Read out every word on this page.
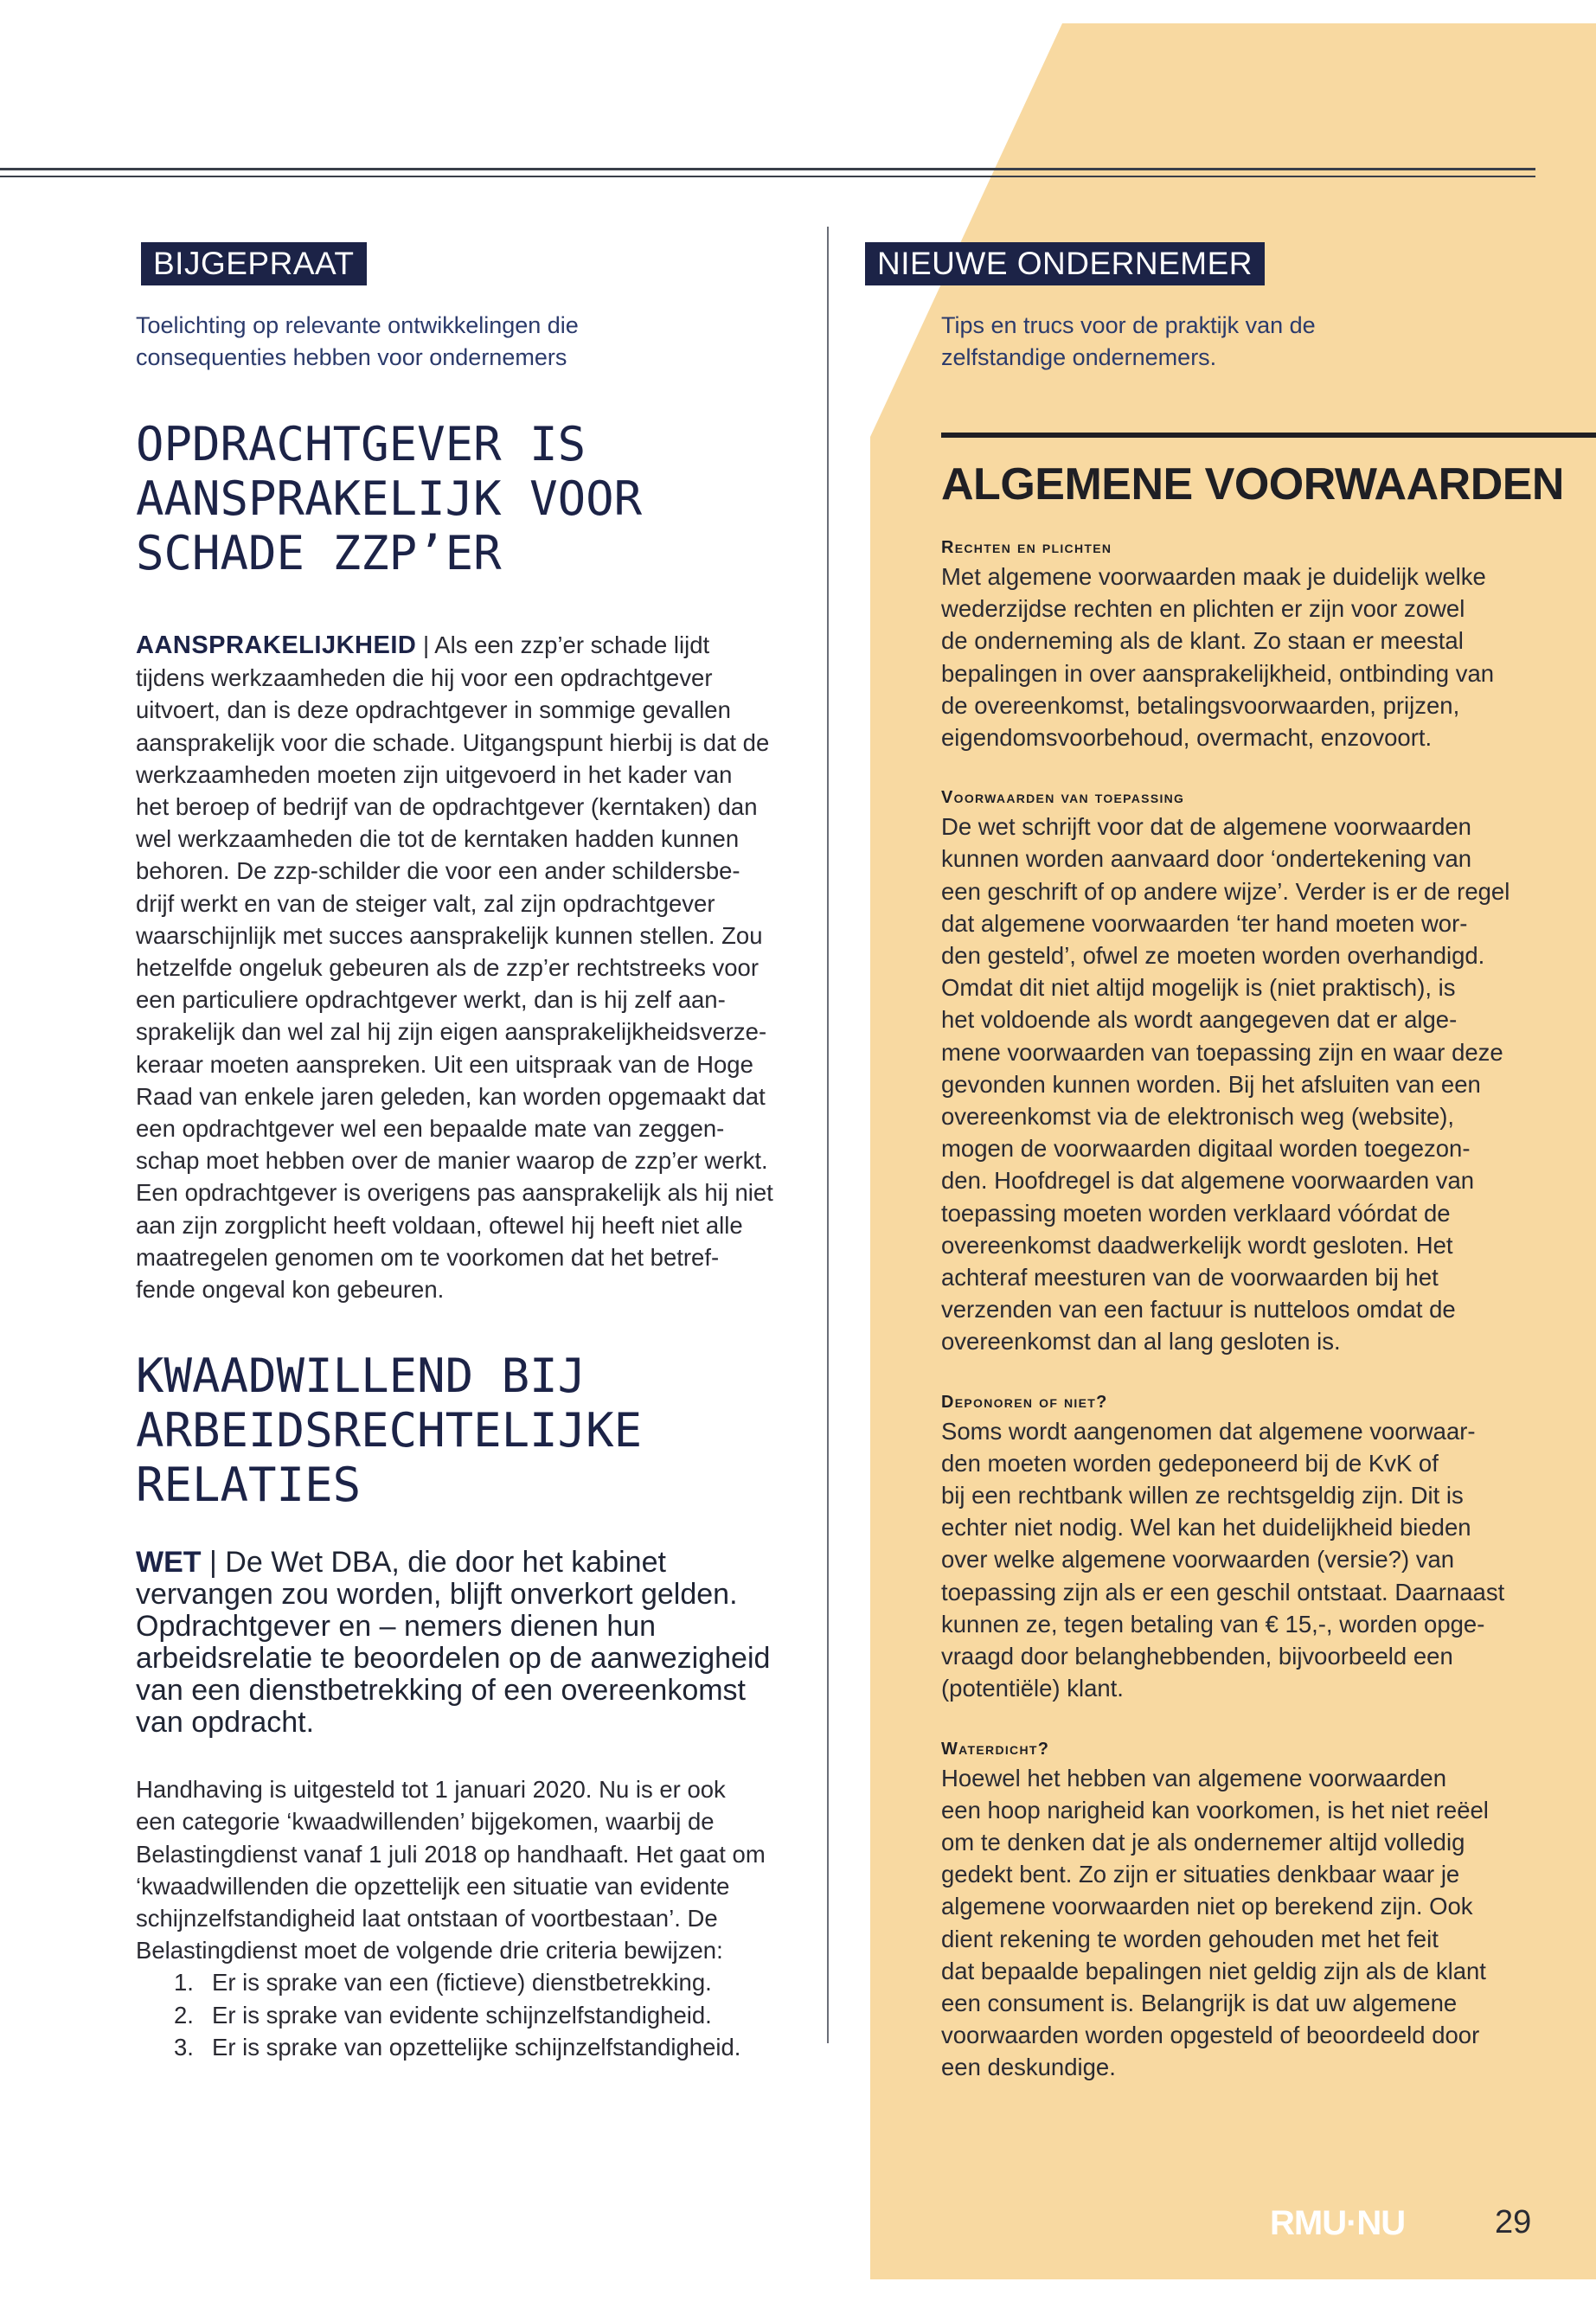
BIJGEPRAAT
Toelichting op relevante ontwikkelingen die
consequenties hebben voor ondernemers
OPDRACHTGEVER IS
AANSPRAKELIJK VOOR
SCHADE ZZP’ER
AANSPRAKELIJKHEID | Als een zzp’er schade lijdt
tijdens werkzaamheden die hij voor een opdrachtgever
uitvoert, dan is deze opdrachtgever in sommige gevallen
aansprakelijk voor die schade. Uitgangspunt hierbij is dat de
werkzaamheden moeten zijn uitgevoerd in het kader van
het beroep of bedrijf van de opdrachtgever (kerntaken) dan
wel werkzaamheden die tot de kerntaken hadden kunnen
behoren. De zzp-schilder die voor een ander schildersbe-
drijf werkt en van de steiger valt, zal zijn opdrachtgever
waarschijnlijk met succes aansprakelijk kunnen stellen. Zou
hetzelfde ongeluk gebeuren als de zzp’er rechtstreeks voor
een particuliere opdrachtgever werkt, dan is hij zelf aan-
sprakelijk dan wel zal hij zijn eigen aansprakelijkheidsverze-
keraar moeten aanspreken. Uit een uitspraak van de Hoge
Raad van enkele jaren geleden, kan worden opgemaakt dat
een opdrachtgever wel een bepaalde mate van zeggen-
schap moet hebben over de manier waarop de zzp’er werkt.
Een opdrachtgever is overigens pas aansprakelijk als hij niet
aan zijn zorgplicht heeft voldaan, oftewel hij heeft niet alle
maatregelen genomen om te voorkomen dat het betref-
fende ongeval kon gebeuren.
KWAADWILLEND BIJ
ARBEIDSRECHTELIJKE
RELATIES
WET | De Wet DBA, die door het kabinet
vervangen zou worden, blijft onverkort gelden.
Opdrachtgever en – nemers dienen hun
arbeidsrelatie te beoordelen op de aanwezigheid
van een dienstbetrekking of een overeenkomst
van opdracht.
Handhaving is uitgesteld tot 1 januari 2020. Nu is er ook
een categorie ‘kwaadwillenden’ bijgekomen, waarbij de
Belastingdienst vanaf 1 juli 2018 op handhaaft. Het gaat om
‘kwaadwillenden die opzettelijk een situatie van evidente
schijnzelfstandigheid laat ontstaan of voortbestaan’. De
Belastingdienst moet de volgende drie criteria bewijzen:
1. Er is sprake van een (fictieve) dienstbetrekking.
2. Er is sprake van evidente schijnzelfstandigheid.
3. Er is sprake van opzettelijke schijnzelfstandigheid.
NIEUWE ONDERNEMER
Tips en trucs voor de praktijk van de
zelfstandige ondernemers.
ALGEMENE VOORWAARDEN
Rechten en plichten
Met algemene voorwaarden maak je duidelijk welke
wederzijdse rechten en plichten er zijn voor zowel
de onderneming als de klant. Zo staan er meestal
bepalingen in over aansprakelijkheid, ontbinding van
de overeenkomst, betalingsvoorwaarden, prijzen,
eigendomsvoorbehoud, overmacht, enzovoort.
Voorwaarden van toepassing
De wet schrijft voor dat de algemene voorwaarden
kunnen worden aanvaard door ‘ondertekening van
een geschrift of op andere wijze’. Verder is er de regel
dat algemene voorwaarden ‘ter hand moeten wor-
den gesteld’, ofwel ze moeten worden overhandigd.
Omdat dit niet altijd mogelijk is (niet praktisch), is
het voldoende als wordt aangegeven dat er alge-
mene voorwaarden van toepassing zijn en waar deze
gevonden kunnen worden. Bij het afsluiten van een
overeenkomst via de elektronisch weg (website),
mogen de voorwaarden digitaal worden toegezon-
den. Hoofdregel is dat algemene voorwaarden van
toepassing moeten worden verklaard vóórdat de
overeenkomst daadwerkelijk wordt gesloten. Het
achteraf meesturen van de voorwaarden bij het
verzenden van een factuur is nutteloos omdat de
overeenkomst dan al lang gesloten is.
Deponoren of niet?
Soms wordt aangenomen dat algemene voorwaar-
den moeten worden gedeponeerd bij de KvK of
bij een rechtbank willen ze rechtsgeldig zijn. Dit is
echter niet nodig. Wel kan het duidelijkheid bieden
over welke algemene voorwaarden (versie?) van
toepassing zijn als er een geschil ontstaat. Daarnaast
kunnen ze, tegen betaling van € 15,-, worden opge-
vraagd door belanghebbenden, bijvoorbeeld een
(potentiële) klant.
Waterdicht?
Hoewel het hebben van algemene voorwaarden
een hoop narigheid kan voorkomen, is het niet reëel
om te denken dat je als ondernemer altijd volledig
gedekt bent. Zo zijn er situaties denkbaar waar je
algemene voorwaarden niet op berekend zijn. Ook
dient rekening te worden gehouden met het feit
dat bepaalde bepalingen niet geldig zijn als de klant
een consument is. Belangrijk is dat uw algemene
voorwaarden worden opgesteld of beoordeeld door
een deskundige.
RMU·NU	29
